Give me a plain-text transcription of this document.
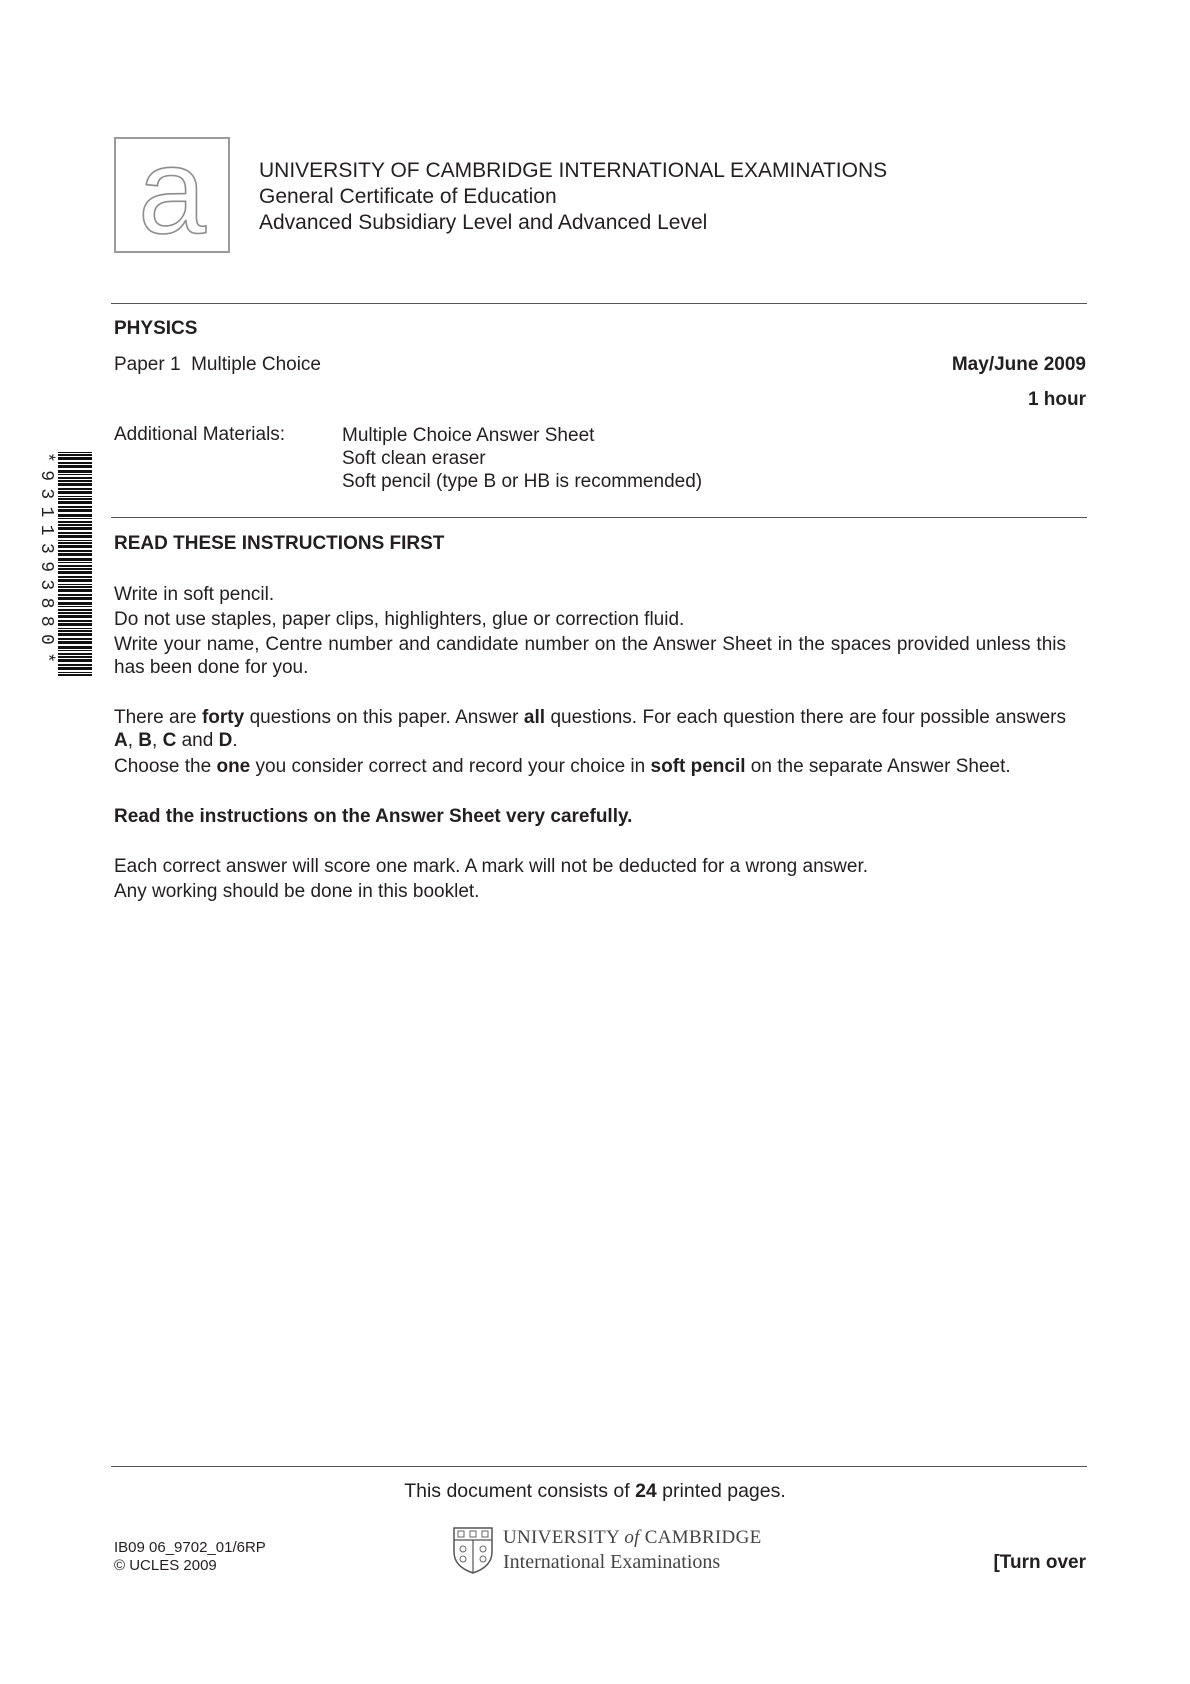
a	UNIVERSITY OF CAMBRIDGE INTERNATIONAL EXAMINATIONS
General Certificate of Education
Advanced Subsidiary Level and Advanced Level
PHYSICS
Paper 1  Multiple Choice	May/June 2009
1 hour
Additional Materials:	Multiple Choice Answer Sheet
Soft clean eraser
Soft pencil (type B or HB is recommended)
*9311393880*	READ THESE INSTRUCTIONS FIRST
Write in soft pencil.
Do not use staples, paper clips, highlighters, glue or correction fluid.
Write your name, Centre number and candidate number on the Answer Sheet in the spaces provided unless this has been done for you.
There are forty questions on this paper. Answer all questions. For each question there are four possible answers A, B, C and D.
Choose the one you consider correct and record your choice in soft pencil on the separate Answer Sheet.
Read the instructions on the Answer Sheet very carefully.
Each correct answer will score one mark. A mark will not be deducted for a wrong answer.
Any working should be done in this booklet.
This document consists of 24 printed pages.
IB09 06_9702_01/6RP
© UCLES 2009
UNIVERSITY of CAMBRIDGE
International Examinations	[Turn over
